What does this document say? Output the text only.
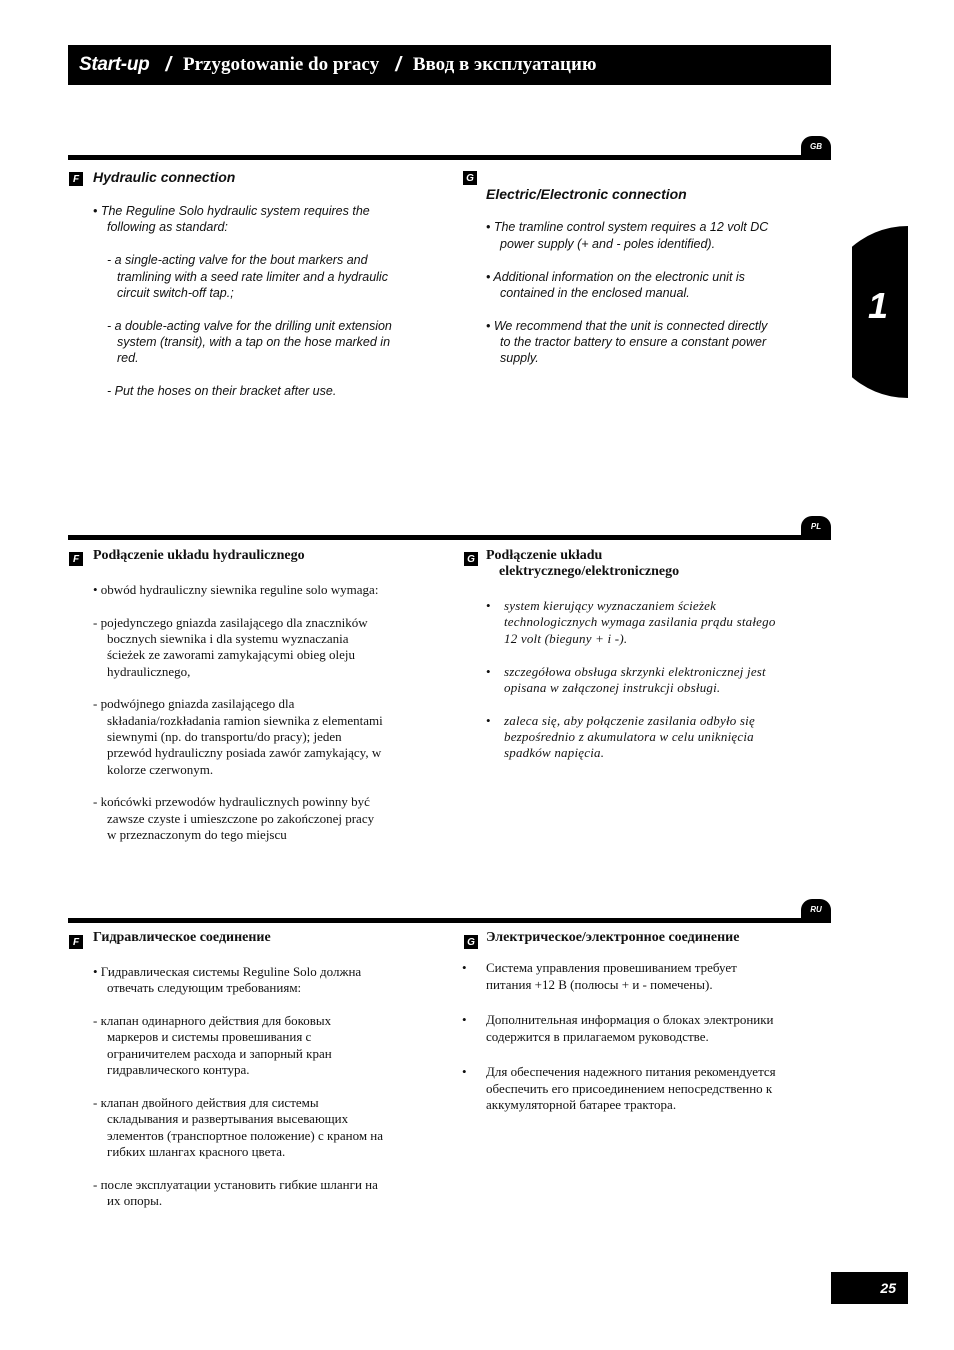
Start-up / Przygotowanie do pracy / Ввод в эксплуатацию
1
GB
F Hydraulic connection
• The Reguline Solo hydraulic system requires the
following as standard:
- a single-acting valve for the bout markers and
tramlining with a seed rate limiter and a hydraulic
circuit switch-off tap.;
- a double-acting valve for the drilling unit extension
system (transit), with a tap on the hose marked in
red.
- Put the hoses on their bracket after use.
G
Electric/Electronic connection
• The tramline control system requires a 12 volt DC
power supply (+ and - poles identified).
• Additional information on the electronic unit is
contained in the enclosed manual.
• We recommend that the unit is connected directly
to the tractor battery to ensure a constant power
supply.
PL
F Podłączenie układu hydraulicznego
• obwód hydrauliczny siewnika reguline solo wymaga:
- pojedynczego gniazda zasilającego dla znaczników
bocznych siewnika i dla systemu wyznaczania
ścieżek ze zaworami zamykającymi obieg oleju
hydraulicznego,
- podwójnego gniazda zasilającego dla
składania/rozkładania ramion siewnika z elementami
siewnymi (np. do transportu/do pracy); jeden
przewód hydrauliczny posiada zawór zamykający, w
kolorze czerwonym.
- końcówki przewodów hydraulicznych powinny być
zawsze czyste i umieszczone po zakończonej pracy
w przeznaczonym do tego miejscu
G Podłączenie układu
elektrycznego/elektronicznego
• system kierujący wyznaczaniem ścieżek
technologicznych wymaga zasilania prądu stałego
12 volt (bieguny + i -).
• szczegółowa obsługa skrzynki elektronicznej jest
opisana w załączonej instrukcji obsługi.
• zaleca się, aby połączenie zasilania odbyło się
bezpośrednio z akumulatora w celu uniknięcia
spadków napięcia.
RU
F Гидравлическое соединение
• Гидравлическая системы Reguline Solo должна
отвечать следующим требованиям:
- клапан одинарного действия для боковых
маркеров и системы провешивания с
ограничителем расхода и запорный кран
гидравлического контура.
- клапан двойного действия для системы
складывания и развертывания высевающих
элементов (транспортное положение) с краном на
гибких шлангах красного цвета.
- после эксплуатации установить гибкие шланги на
их опоры.
G Электрическое/электронное соединение
• Система управления провешиванием требует
питания +12 В (полюсы + и - помечены).
• Дополнительная информация о блоках электроники
содержится в прилагаемом руководстве.
• Для обеспечения надежного питания рекомендуется
обеспечить его присоединением непосредственно к
аккумуляторной батарее трактора.
25
